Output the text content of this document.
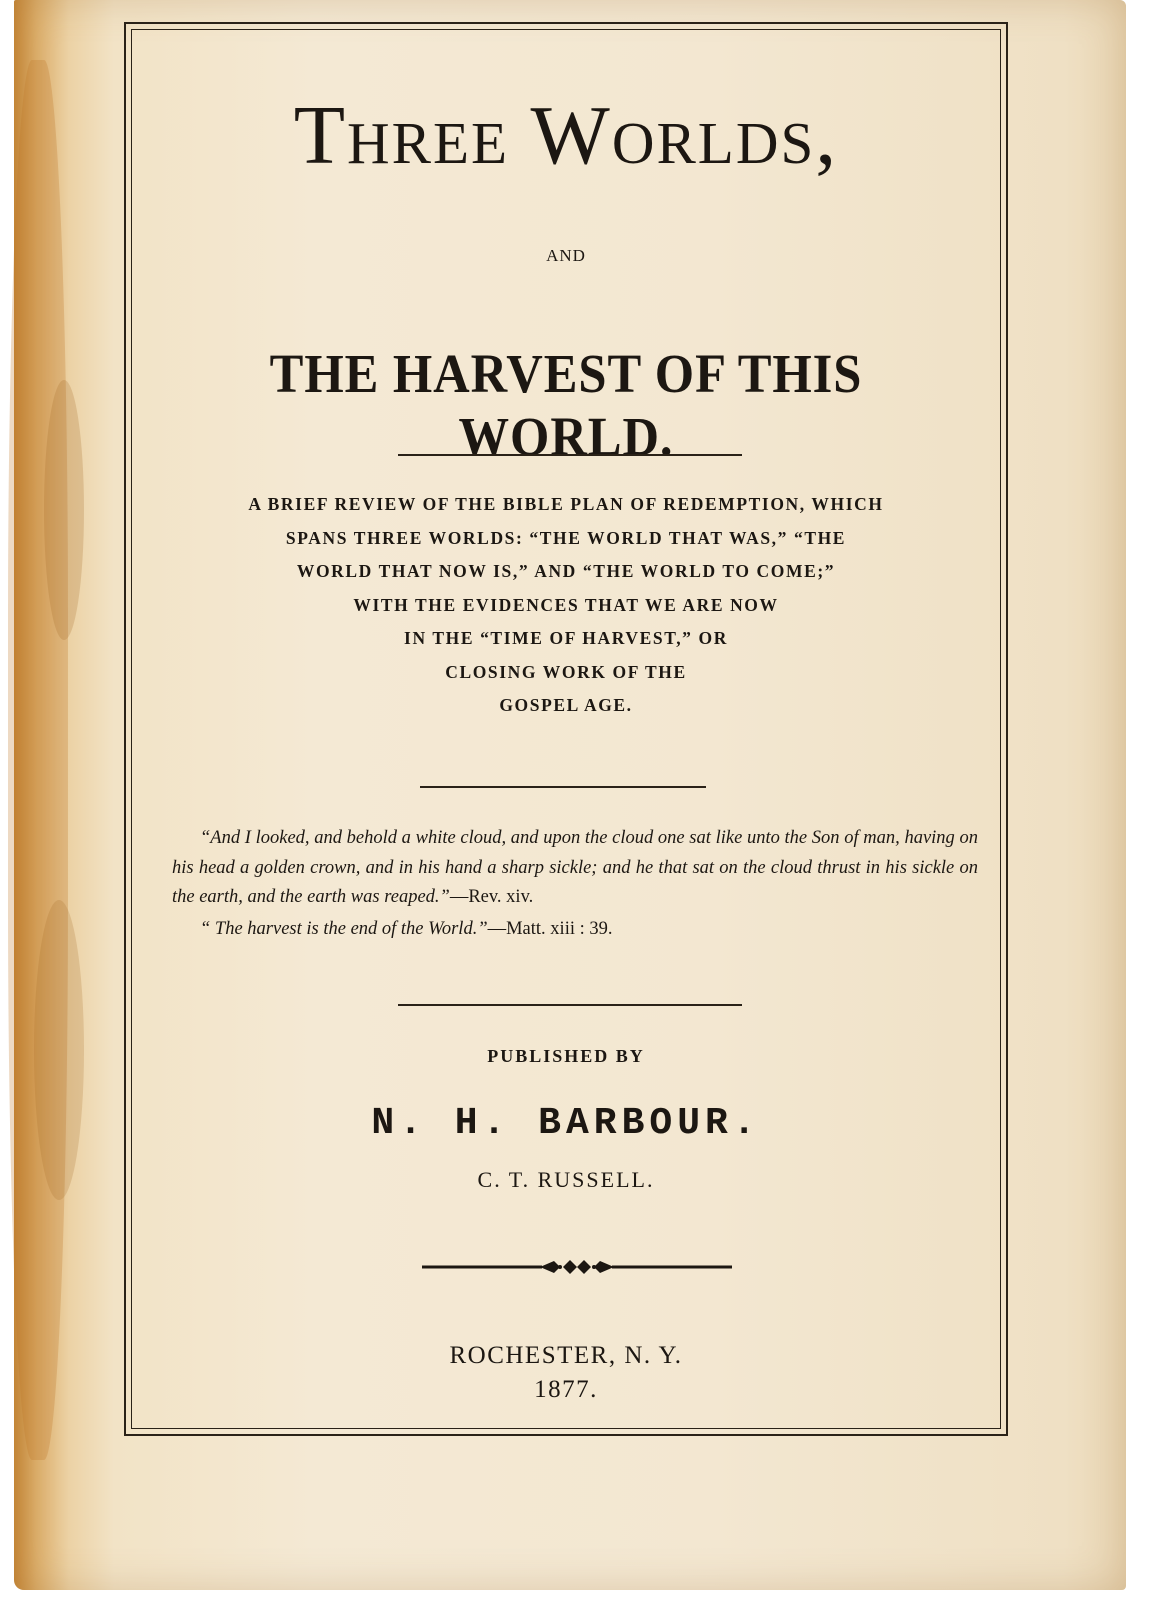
Three Worlds,
AND
THE HARVEST OF THIS WORLD.
A BRIEF REVIEW OF THE BIBLE PLAN OF REDEMPTION, WHICH
SPANS THREE WORLDS: “THE WORLD THAT WAS,” “THE
WORLD THAT NOW IS,” AND “THE WORLD TO COME;”
WITH THE EVIDENCES THAT WE ARE NOW
IN THE “TIME OF HARVEST,” OR
CLOSING WORK OF THE
GOSPEL AGE.
“And I looked, and behold a white cloud, and upon the cloud one sat like unto the Son of man, having on his head a golden crown, and in his hand a sharp sickle; and he that sat on the cloud thrust in his sickle on the earth, and the earth was reaped.”—Rev. xiv.
“ The harvest is the end of the World.”—Matt. xiii : 39.
PUBLISHED BY
N. H. BARBOUR.
C. T. RUSSELL.
ROCHESTER, N. Y.
1877.
